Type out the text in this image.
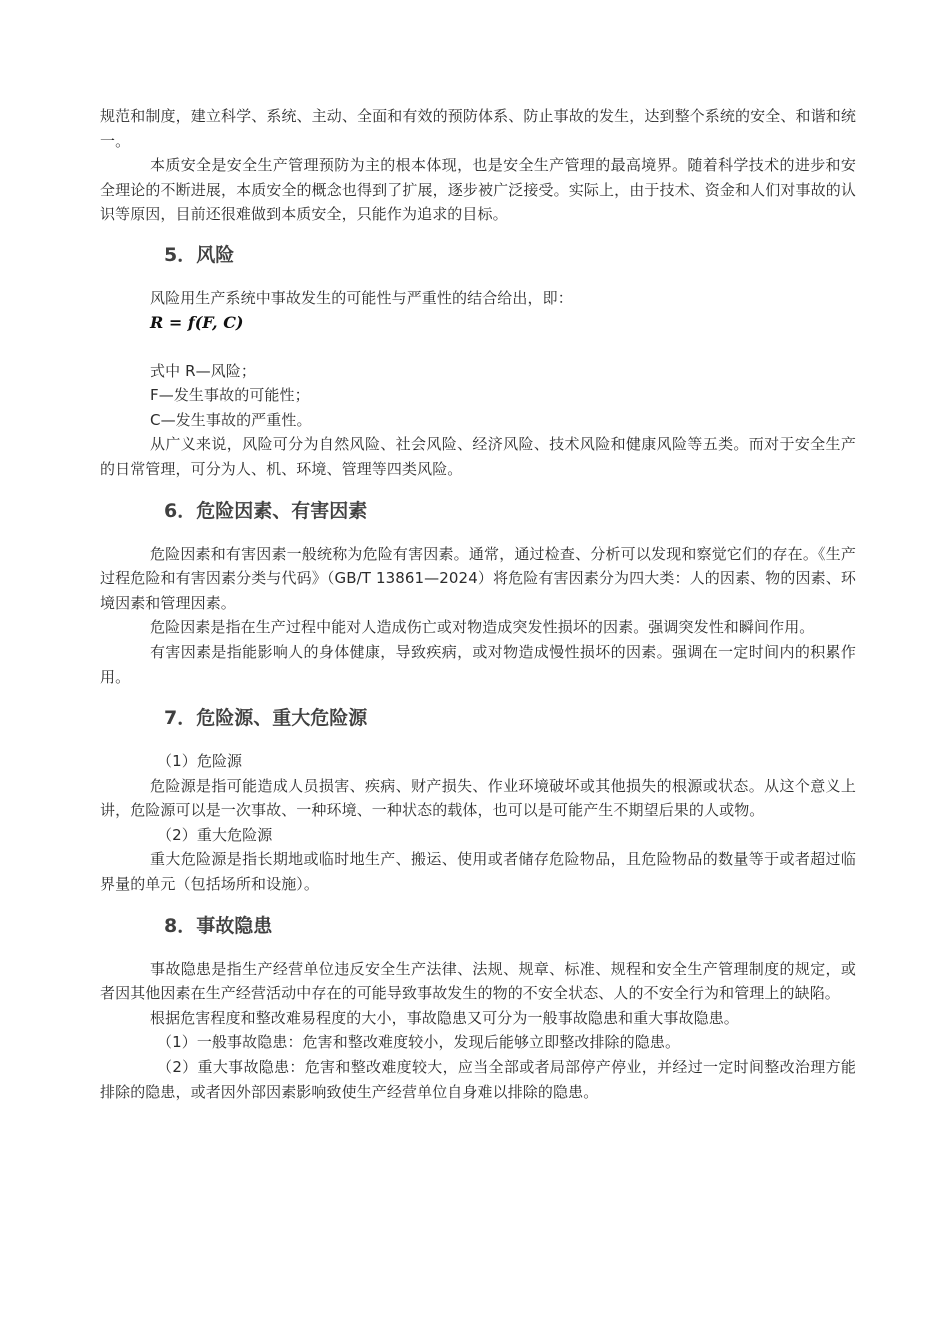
规范和制度，建立科学、系统、主动、全面和有效的预防体系、防止事故的发生，达到整个系统的安全、和谐和统一。

本质安全是安全生产管理预防为主的根本体现，也是安全生产管理的最高境界。随着科学技术的进步和安全理论的不断进展，本质安全的概念也得到了扩展，逐步被广泛接受。实际上，由于技术、资金和人们对事故的认识等原因，目前还很难做到本质安全，只能作为追求的目标。

5．风险

风险用生产系统中事故发生的可能性与严重性的结合给出，即：

R = f(F, C)

式中 R—风险；

F—发生事故的可能性；

C—发生事故的严重性。

从广义来说，风险可分为自然风险、社会风险、经济风险、技术风险和健康风险等五类。而对于安全生产的日常管理，可分为人、机、环境、管理等四类风险。

6．危险因素、有害因素

危险因素和有害因素一般统称为危险有害因素。通常，通过检查、分析可以发现和察觉它们的存在。《生产过程危险和有害因素分类与代码》（GB/T 13861—2024）将危险有害因素分为四大类：人的因素、物的因素、环境因素和管理因素。

危险因素是指在生产过程中能对人造成伤亡或对物造成突发性损坏的因素。强调突发性和瞬间作用。

有害因素是指能影响人的身体健康，导致疾病，或对物造成慢性损坏的因素。强调在一定时间内的积累作用。

7．危险源、重大危险源

（1）危险源

危险源是指可能造成人员损害、疾病、财产损失、作业环境破坏或其他损失的根源或状态。从这个意义上讲，危险源可以是一次事故、一种环境、一种状态的载体，也可以是可能产生不期望后果的人或物。

（2）重大危险源

重大危险源是指长期地或临时地生产、搬运、使用或者储存危险物品，且危险物品的数量等于或者超过临界量的单元（包括场所和设施）。

8．事故隐患

事故隐患是指生产经营单位违反安全生产法律、法规、规章、标准、规程和安全生产管理制度的规定，或者因其他因素在生产经营活动中存在的可能导致事故发生的物的不安全状态、人的不安全行为和管理上的缺陷。

根据危害程度和整改难易程度的大小，事故隐患又可分为一般事故隐患和重大事故隐患。

（1）一般事故隐患：危害和整改难度较小，发现后能够立即整改排除的隐患。

（2）重大事故隐患：危害和整改难度较大，应当全部或者局部停产停业，并经过一定时间整改治理方能排除的隐患，或者因外部因素影响致使生产经营单位自身难以排除的隐患。
